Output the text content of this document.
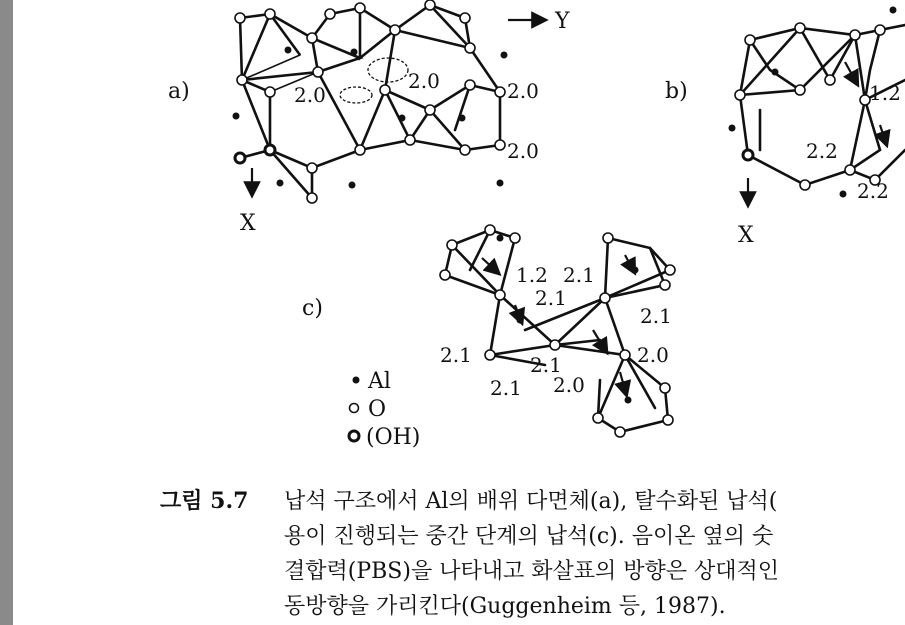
a)
Y
X
2.0
2.0	2.0
2.0
b)
X
1.2
2.2
2.2
c)
1.2 2.1
2.1
2.1
2.1	2.1	2.0
2.1 2.0
Al
O
(OH)
그림 5.7	납석 구조에서 Al의 배위 다면체(a), 탈수화된 납석(
용이 진행되는 중간 단계의 납석(c). 음이온 옆의 숫
결합력(PBS)을 나타내고 화살표의 방향은 상대적인
동방향을 가리킨다(Guggenheim 등, 1987).
